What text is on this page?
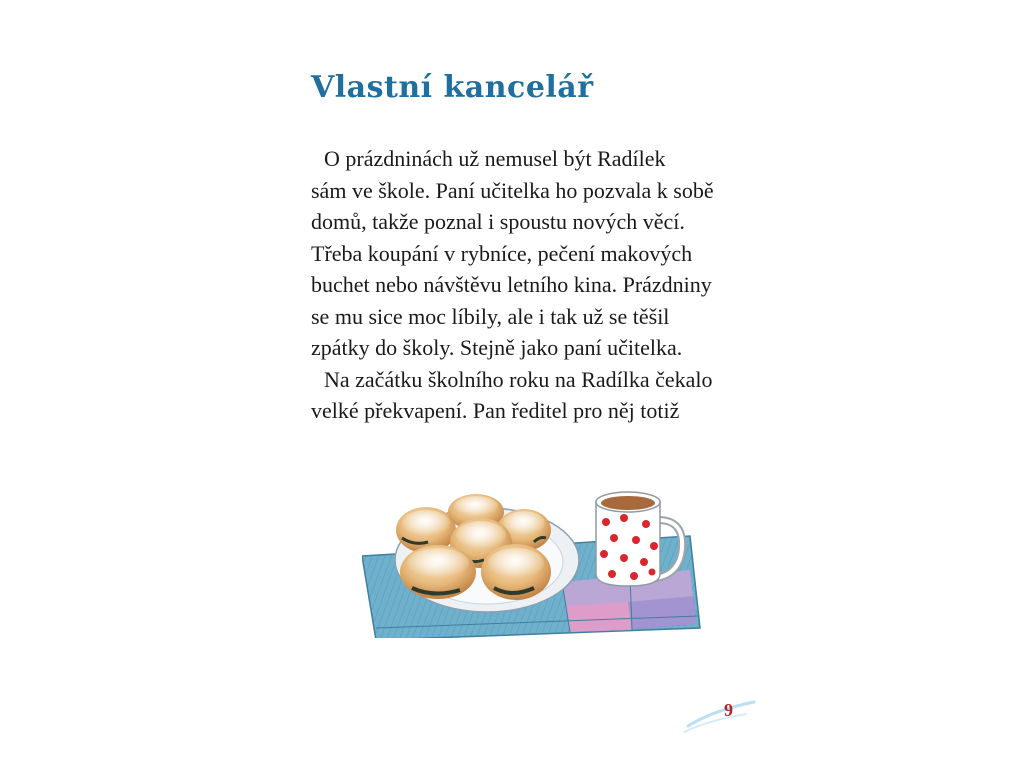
Vlastní kancelář
O prázdninách už nemusel být Radílek
sám ve škole. Paní učitelka ho pozvala k sobě
domů, takže poznal i spoustu nových věcí.
Třeba koupání v rybníce, pečení makových
buchet nebo návštěvu letního kina. Prázdniny
se mu sice moc líbily, ale i tak už se těšil
zpátky do školy. Stejně jako paní učitelka.
Na začátku školního roku na Radílka čekalo
velké překvapení. Pan ředitel pro něj totiž
9
